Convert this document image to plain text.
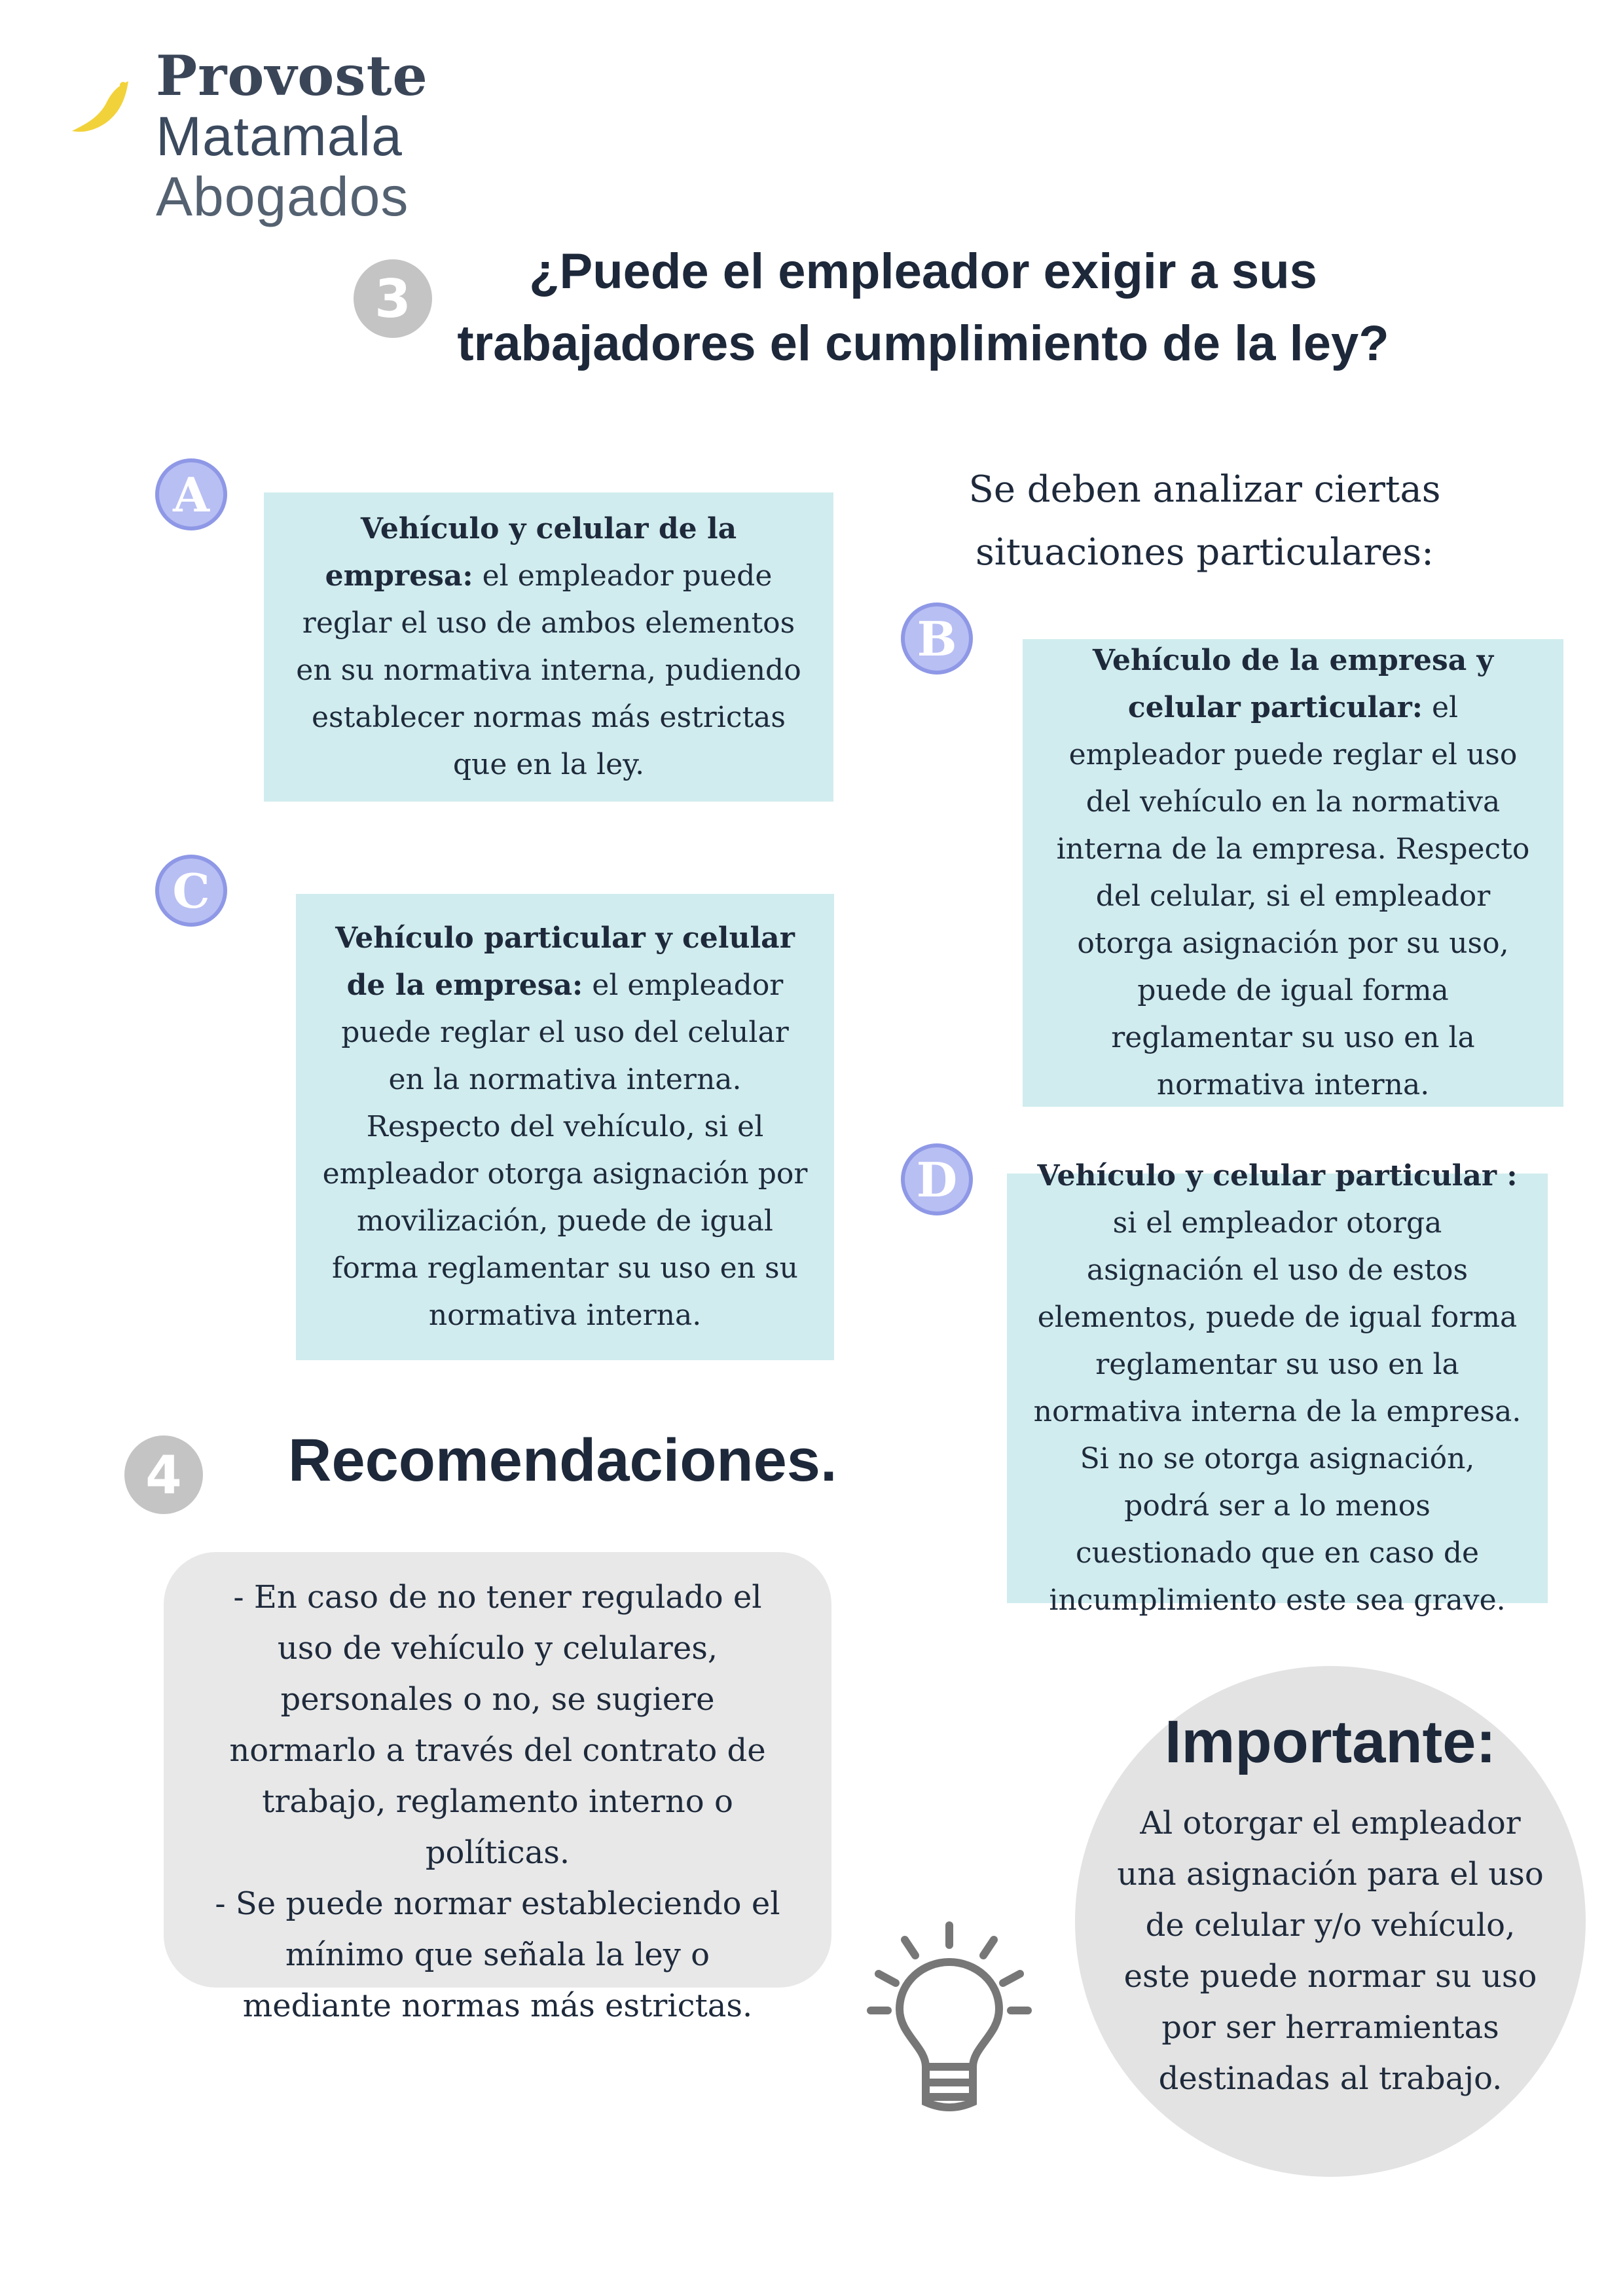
Provoste
Matamala
Abogados
3	¿Puede el empleador exigir a sus trabajadores el cumplimiento de la ley?
Se deben analizar ciertas situaciones particulares:
A
Vehículo y celular de la empresa: el empleador puede reglar el uso de ambos elementos en su normativa interna, pudiendo establecer normas más estrictas que en la ley.
B	Vehículo de la empresa y celular particular: el empleador puede reglar el uso del vehículo en la normativa interna de la empresa. Respecto del celular, si el empleador otorga asignación por su uso, puede de igual forma reglamentar su uso en la normativa interna.
C
Vehículo particular y celular de la empresa: el empleador puede reglar el uso del celular en la normativa interna. Respecto del vehículo, si el empleador otorga asignación por movilización, puede de igual forma reglamentar su uso en su normativa interna.
D	Vehículo y celular particular : si el empleador otorga asignación el uso de estos elementos, puede de igual forma reglamentar su uso en la normativa interna de la empresa.
Si no se otorga asignación, podrá ser a lo menos cuestionado que en caso de incumplimiento este sea grave.
4	Recomendaciones.

- En caso de no tener regulado el uso de vehículo y celulares, personales o no, se sugiere normarlo a través del contrato de trabajo, reglamento interno o políticas.

- Se puede normar estableciendo el mínimo que señala la ley o mediante normas más estrictas.

Importante:
Al otorgar el empleador una asignación para el uso de celular y/o vehículo, este puede normar su uso por ser herramientas destinadas al trabajo.
